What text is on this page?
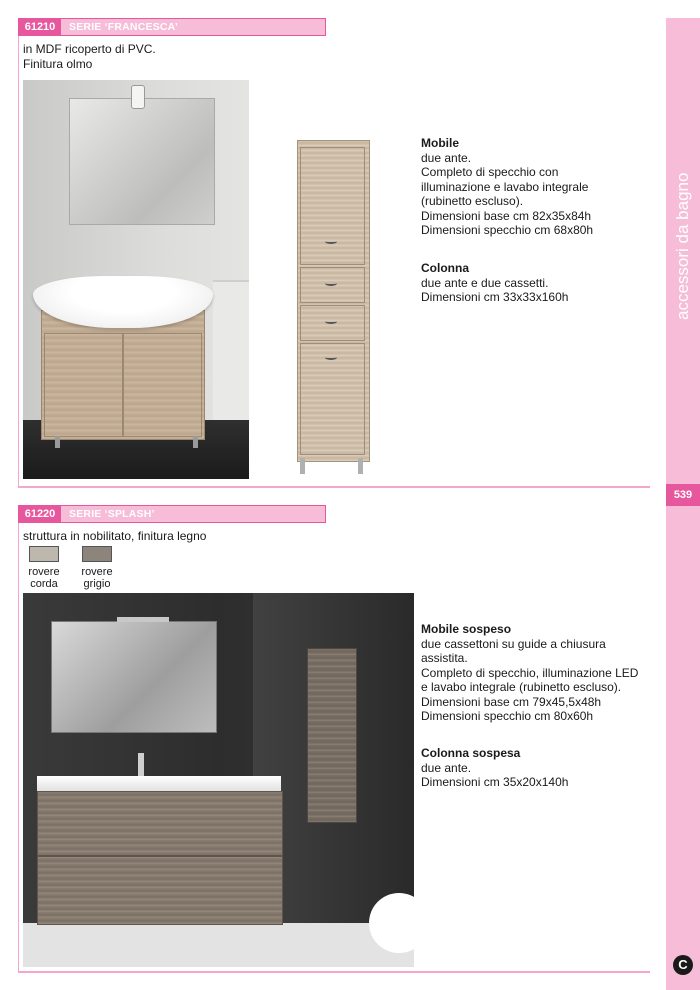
accessori da bagno
539
C
61210	SERIE ‘FRANCESCA’

in MDF ricoperto di PVC.

Finitura olmo

Mobile

due ante.

Completo di specchio con

illuminazione e lavabo integrale

(rubinetto escluso).

Dimensioni base cm 82x35x84h

Dimensioni specchio cm 68x80h

Colonna

due ante e due cassetti.

Dimensioni cm 33x33x160h

61220	SERIE ‘SPLASH’

struttura in nobilitato, finitura legno

rovere
corda
rovere
grigio

Mobile sospeso

due cassettoni su guide a chiusura

assistita.

Completo di specchio, illuminazione LED

e lavabo integrale (rubinetto escluso).

Dimensioni base cm 79x45,5x48h

Dimensioni specchio cm 80x60h

Colonna sospesa

due ante.

Dimensioni cm 35x20x140h
